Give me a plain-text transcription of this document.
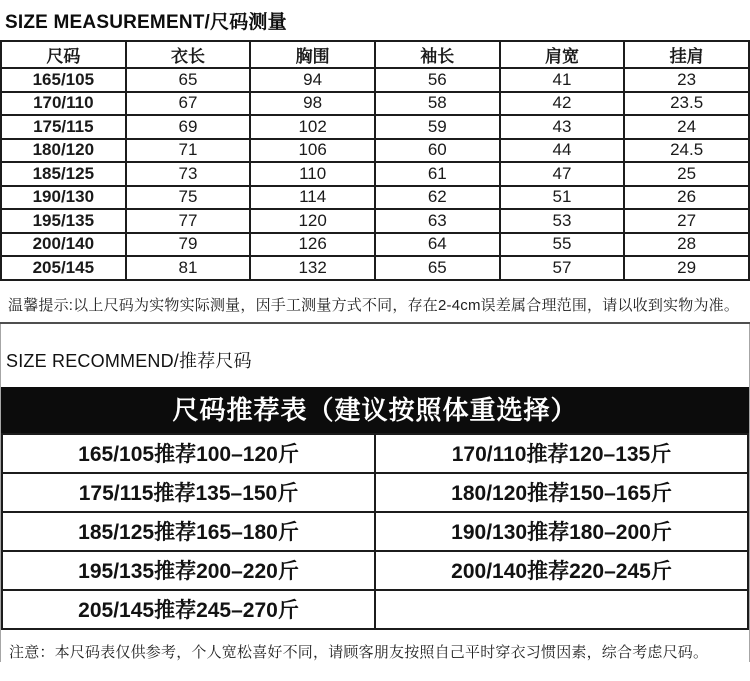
SIZE MEASUREMENT/尺码测量
尺码	衣长	胸围	袖长	肩宽	挂肩
165/105	65	94	56	41	23
170/110	67	98	58	42	23.5
175/115	69	102	59	43	24
180/120	71	106	60	44	24.5
185/125	73	110	61	47	25
190/130	75	114	62	51	26
195/135	77	120	63	53	27
200/140	79	126	64	55	28
205/145	81	132	65	57	29

温馨提示:以上尺码为实物实际测量，因手工测量方式不同，存在2-4cm误差属合理范围，请以收到实物为准。

SIZE RECOMMEND/推荐尺码
尺码推荐表（建议按照体重选择）
165/105推荐100–120斤	170/110推荐120–135斤
175/115推荐135–150斤	180/120推荐150–165斤
185/125推荐165–180斤	190/130推荐180–200斤
195/135推荐200–220斤	200/140推荐220–245斤
205/145推荐245–270斤	

注意：本尺码表仅供参考，个人宽松喜好不同，请顾客朋友按照自己平时穿衣习惯因素，综合考虑尺码。
